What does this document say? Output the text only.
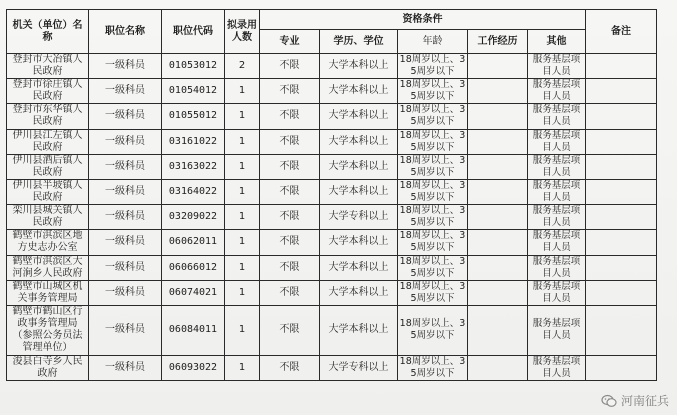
机关（单位）名称	职位名称	职位代码	拟录用人数	资格条件					备注
				专业	学历、学位	年龄	工作经历	其他	
登封市大冶镇人民政府	一级科员	01053012	2	不限	大学本科以上	18周岁以上、35周岁以下		服务基层项目人员	
登封市徐庄镇人民政府	一级科员	01054012	1	不限	大学本科以上	18周岁以上、35周岁以下		服务基层项目人员	
登封市东华镇人民政府	一级科员	01055012	1	不限	大学本科以上	18周岁以上、35周岁以下		服务基层项目人员	
伊川县江左镇人民政府	一级科员	03161022	1	不限	大学本科以上	18周岁以上、35周岁以下		服务基层项目人员	
伊川县酒后镇人民政府	一级科员	03163022	1	不限	大学本科以上	18周岁以上、35周岁以下		服务基层项目人员	
伊川县半坡镇人民政府	一级科员	03164022	1	不限	大学本科以上	18周岁以上、35周岁以下		服务基层项目人员	
栾川县城关镇人民政府	一级科员	03209022	1	不限	大学专科以上	18周岁以上、35周岁以下		服务基层项目人员	
鹤壁市淇滨区地方史志办公室	一级科员	06062011	1	不限	大学本科以上	18周岁以上、35周岁以下		服务基层项目人员	
鹤壁市淇滨区大河涧乡人民政府	一级科员	06066012	1	不限	大学本科以上	18周岁以上、35周岁以下		服务基层项目人员	
鹤壁市山城区机关事务管理局	一级科员	06074021	1	不限	大学本科以上	18周岁以上、35周岁以下		服务基层项目人员	
鹤壁市鹤山区行政事务管理局（参照公务员法管理单位）	一级科员	06084011	1	不限	大学本科以上	18周岁以上、35周岁以下		服务基层项目人员	
浚县白寺乡人民政府	一级科员	06093022	1	不限	大学专科以上	18周岁以上、35周岁以下		服务基层项目人员	
河南征兵
